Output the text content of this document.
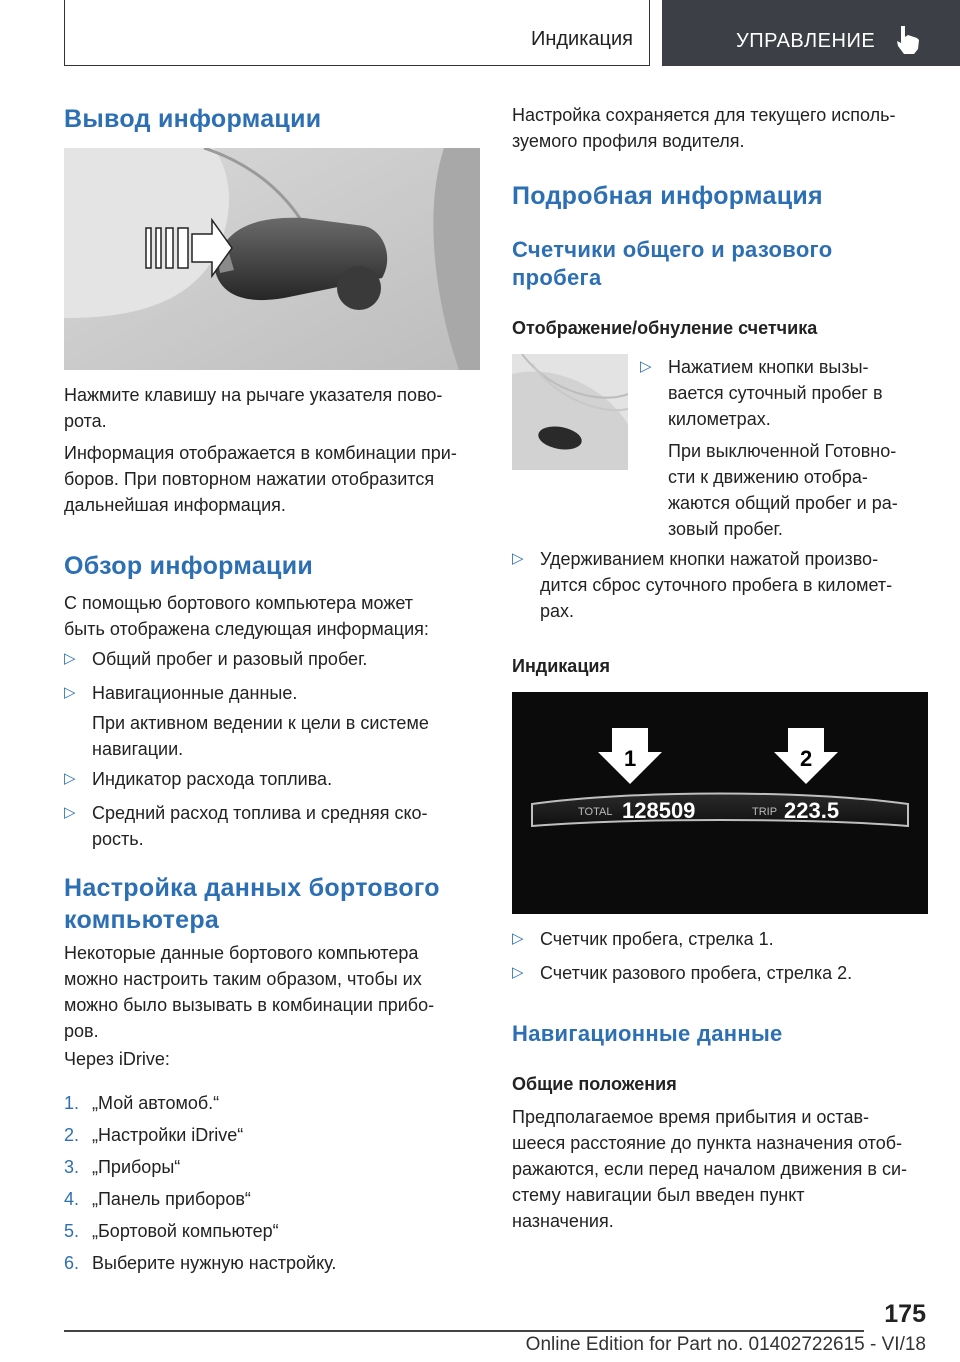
Индикация	УПРАВЛЕНИЕ
Вывод информации
Нажмите клавишу на рычаге указателя пово-
рота.
Информация отображается в комбинации при-
боров. При повторном нажатии отобразится
дальнейшая информация.
Обзор информации
С помощью бортового компьютера может
быть отображена следующая информация:
▷ Общий пробег и разовый пробег.
▷ Навигационные данные.
При активном ведении к цели в системе
навигации.
▷ Индикатор расхода топлива.
▷ Средний расход топлива и средняя ско-
рость.
Настройка данных бортового
компьютера
Некоторые данные бортового компьютера
можно настроить таким образом, чтобы их
можно было вызывать в комбинации прибо-
ров.
Через iDrive:
1. „Мой автомоб.“
2. „Настройки iDrive“
3. „Приборы“
4. „Панель приборов“
5. „Бортовой компьютер“
6. Выберите нужную настройку.
Настройка сохраняется для текущего исполь-
зуемого профиля водителя.
Подробная информация
Счетчики общего и разового
пробега
Отображение/обнуление счетчика
▷ Нажатием кнопки вызы-
вается суточный пробег в
километрах.
При выключенной Готовно-
сти к движению отобра-
жаются общий пробег и ра-
зовый пробег.
▷ Удерживанием кнопки нажатой произво-
дится сброс суточного пробега в километ-
рах.
Индикация
1	2
TOTAL 128509	TRIP 223.5
▷ Счетчик пробега, стрелка 1.
▷ Счетчик разового пробега, стрелка 2.
Навигационные данные
Общие положения
Предполагаемое время прибытия и остав-
шееся расстояние до пункта назначения отоб-
ражаются, если перед началом движения в си-
стему навигации был введен пункт
назначения.
175
Online Edition for Part no. 01402722615 - VI/18
